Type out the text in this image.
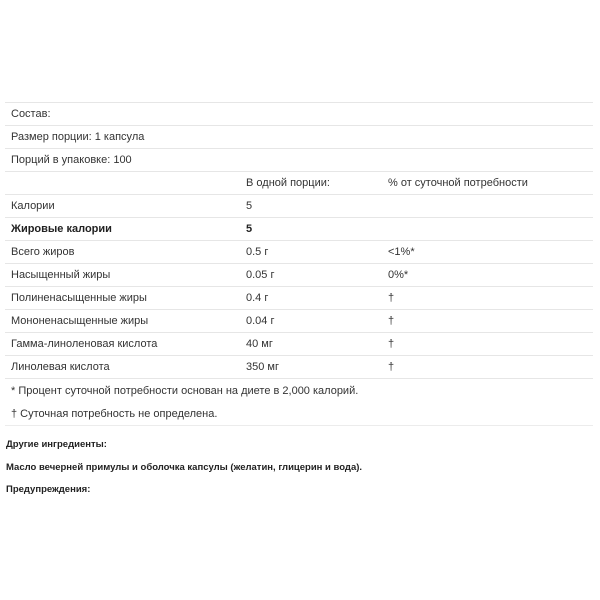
Состав:		
Размер порции: 1 капсула		
Порций в упаковке: 100		
	В одной порции:	% от суточной потребности
Калории	5	
Жировые калории	5	
Всего жиров	0.5 г	<1%*
Насыщенный жиры	0.05 г	0%*
Полиненасыщенные жиры	0.4 г	†
Мононенасыщенные жиры	0.04 г	†
Гамма-линоленовая кислота	40 мг	†
Линолевая кислота	350 мг	†
* Процент суточной потребности основан на диете в 2,000 калорий.		
† Суточная потребность не определена.		
Другие ингредиенты:
Масло вечерней примулы и оболочка капсулы (желатин, глицерин и вода).
Предупреждения:
